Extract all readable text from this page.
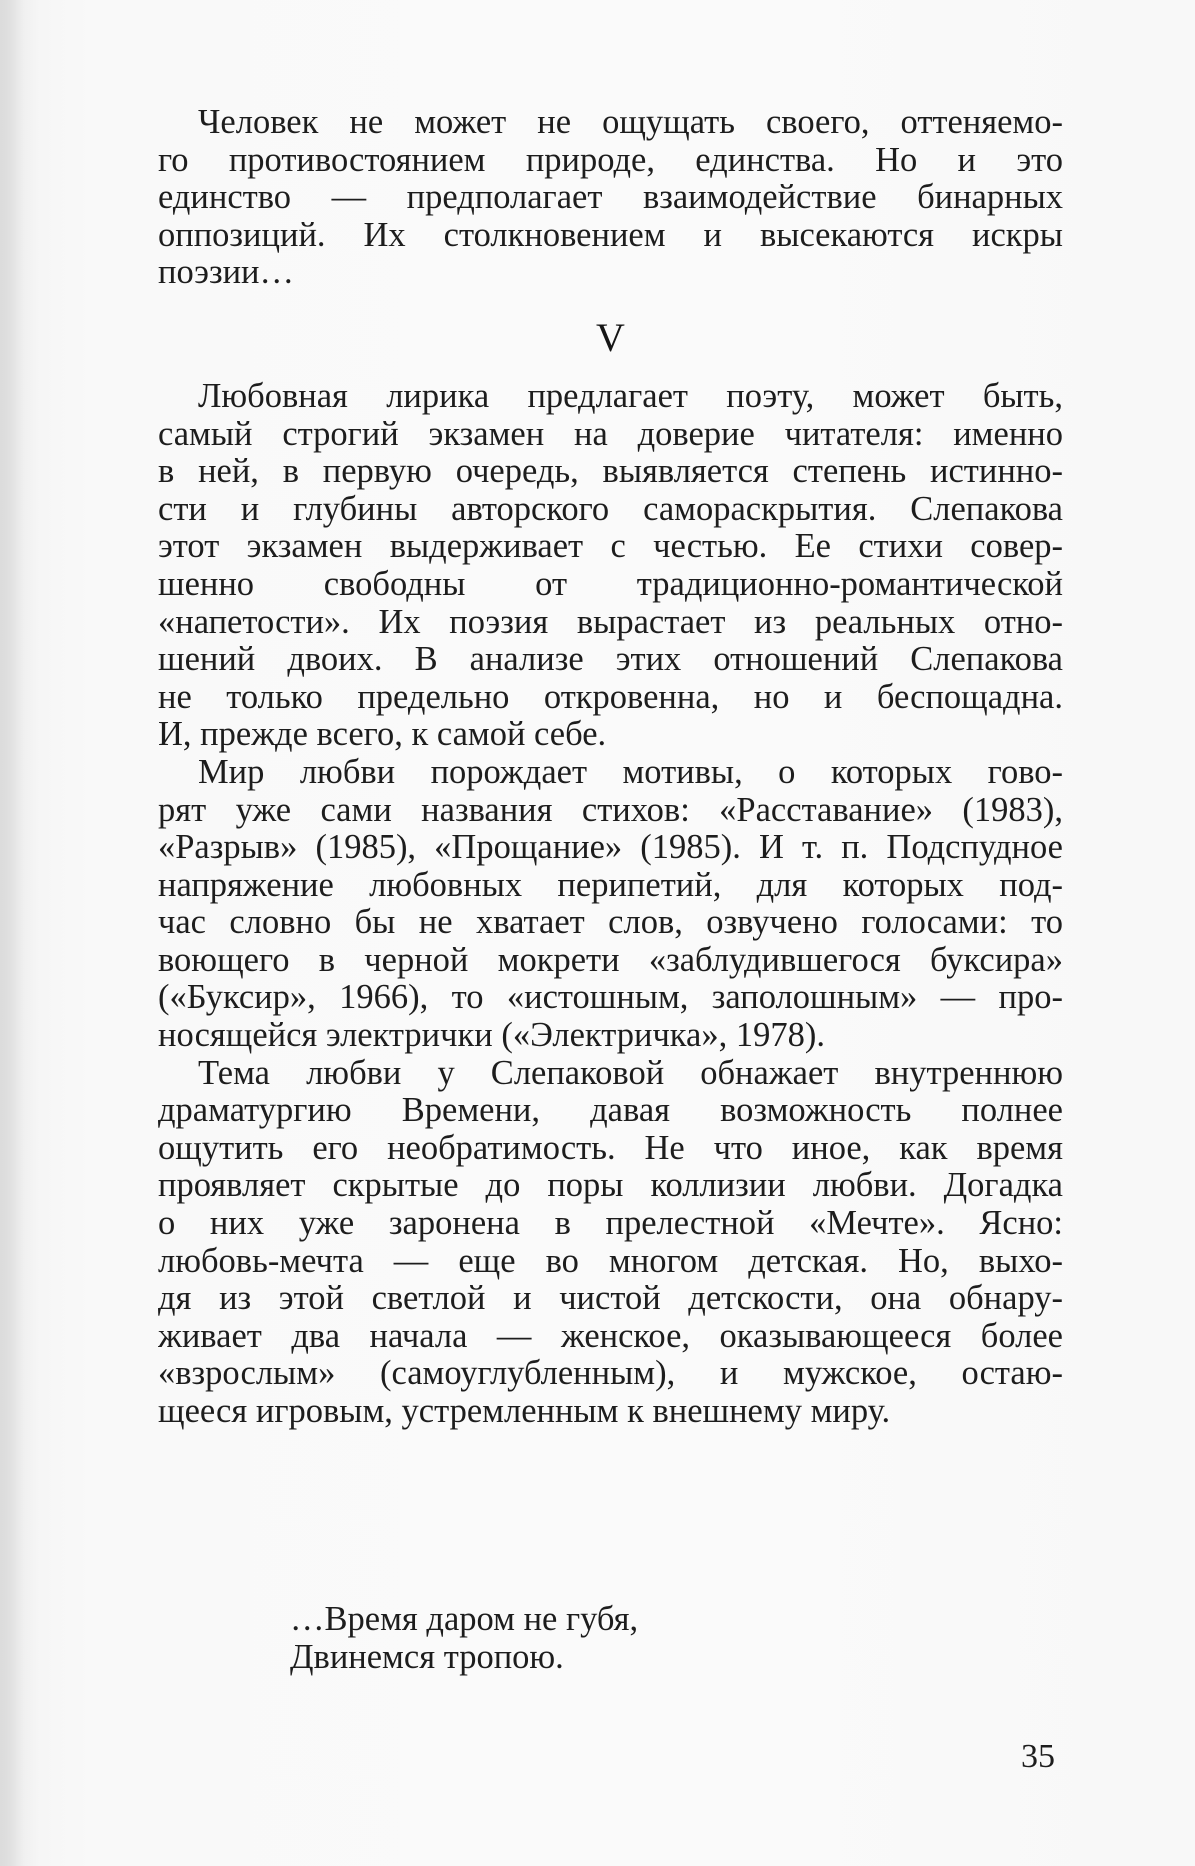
Человек не может не ощущать своего, оттеняемо-
го противостоянием природе, единства. Но и это
единство — предполагает взаимодействие бинарных
оппозиций. Их столкновением и высекаются искры
поэзии…
V
Любовная лирика предлагает поэту, может быть,
самый строгий экзамен на доверие читателя: именно
в ней, в первую очередь, выявляется степень истинно-
сти и глубины авторского самораскрытия. Слепакова
этот экзамен выдерживает с честью. Ее стихи совер-
шенно свободны от традиционно-романтической
«напетости». Их поэзия вырастает из реальных отно-
шений двоих. В анализе этих отношений Слепакова
не только предельно откровенна, но и беспощадна.
И, прежде всего, к самой себе.
Мир любви порождает мотивы, о которых гово-
рят уже сами названия стихов: «Расставание» (1983),
«Разрыв» (1985), «Прощание» (1985). И т. п. Подспудное
напряжение любовных перипетий, для которых под-
час словно бы не хватает слов, озвучено голосами: то
воющего в черной мокрети «заблудившегося буксира»
(«Буксир», 1966), то «истошным, заполошным» — про-
носящейся электрички («Электричка», 1978).
Тема любви у Слепаковой обнажает внутреннюю
драматургию Времени, давая возможность полнее
ощутить его необратимость. Не что иное, как время
проявляет скрытые до поры коллизии любви. Догадка
о них уже заронена в прелестной «Мечте». Ясно:
любовь-мечта — еще во многом детская. Но, выхо-
дя из этой светлой и чистой детскости, она обнару-
живает два начала — женское, оказывающееся более
«взрослым» (самоуглубленным), и мужское, остаю-
щееся игровым, устремленным к внешнему миру.
…Время даром не губя,
Двинемся тропою.
35
